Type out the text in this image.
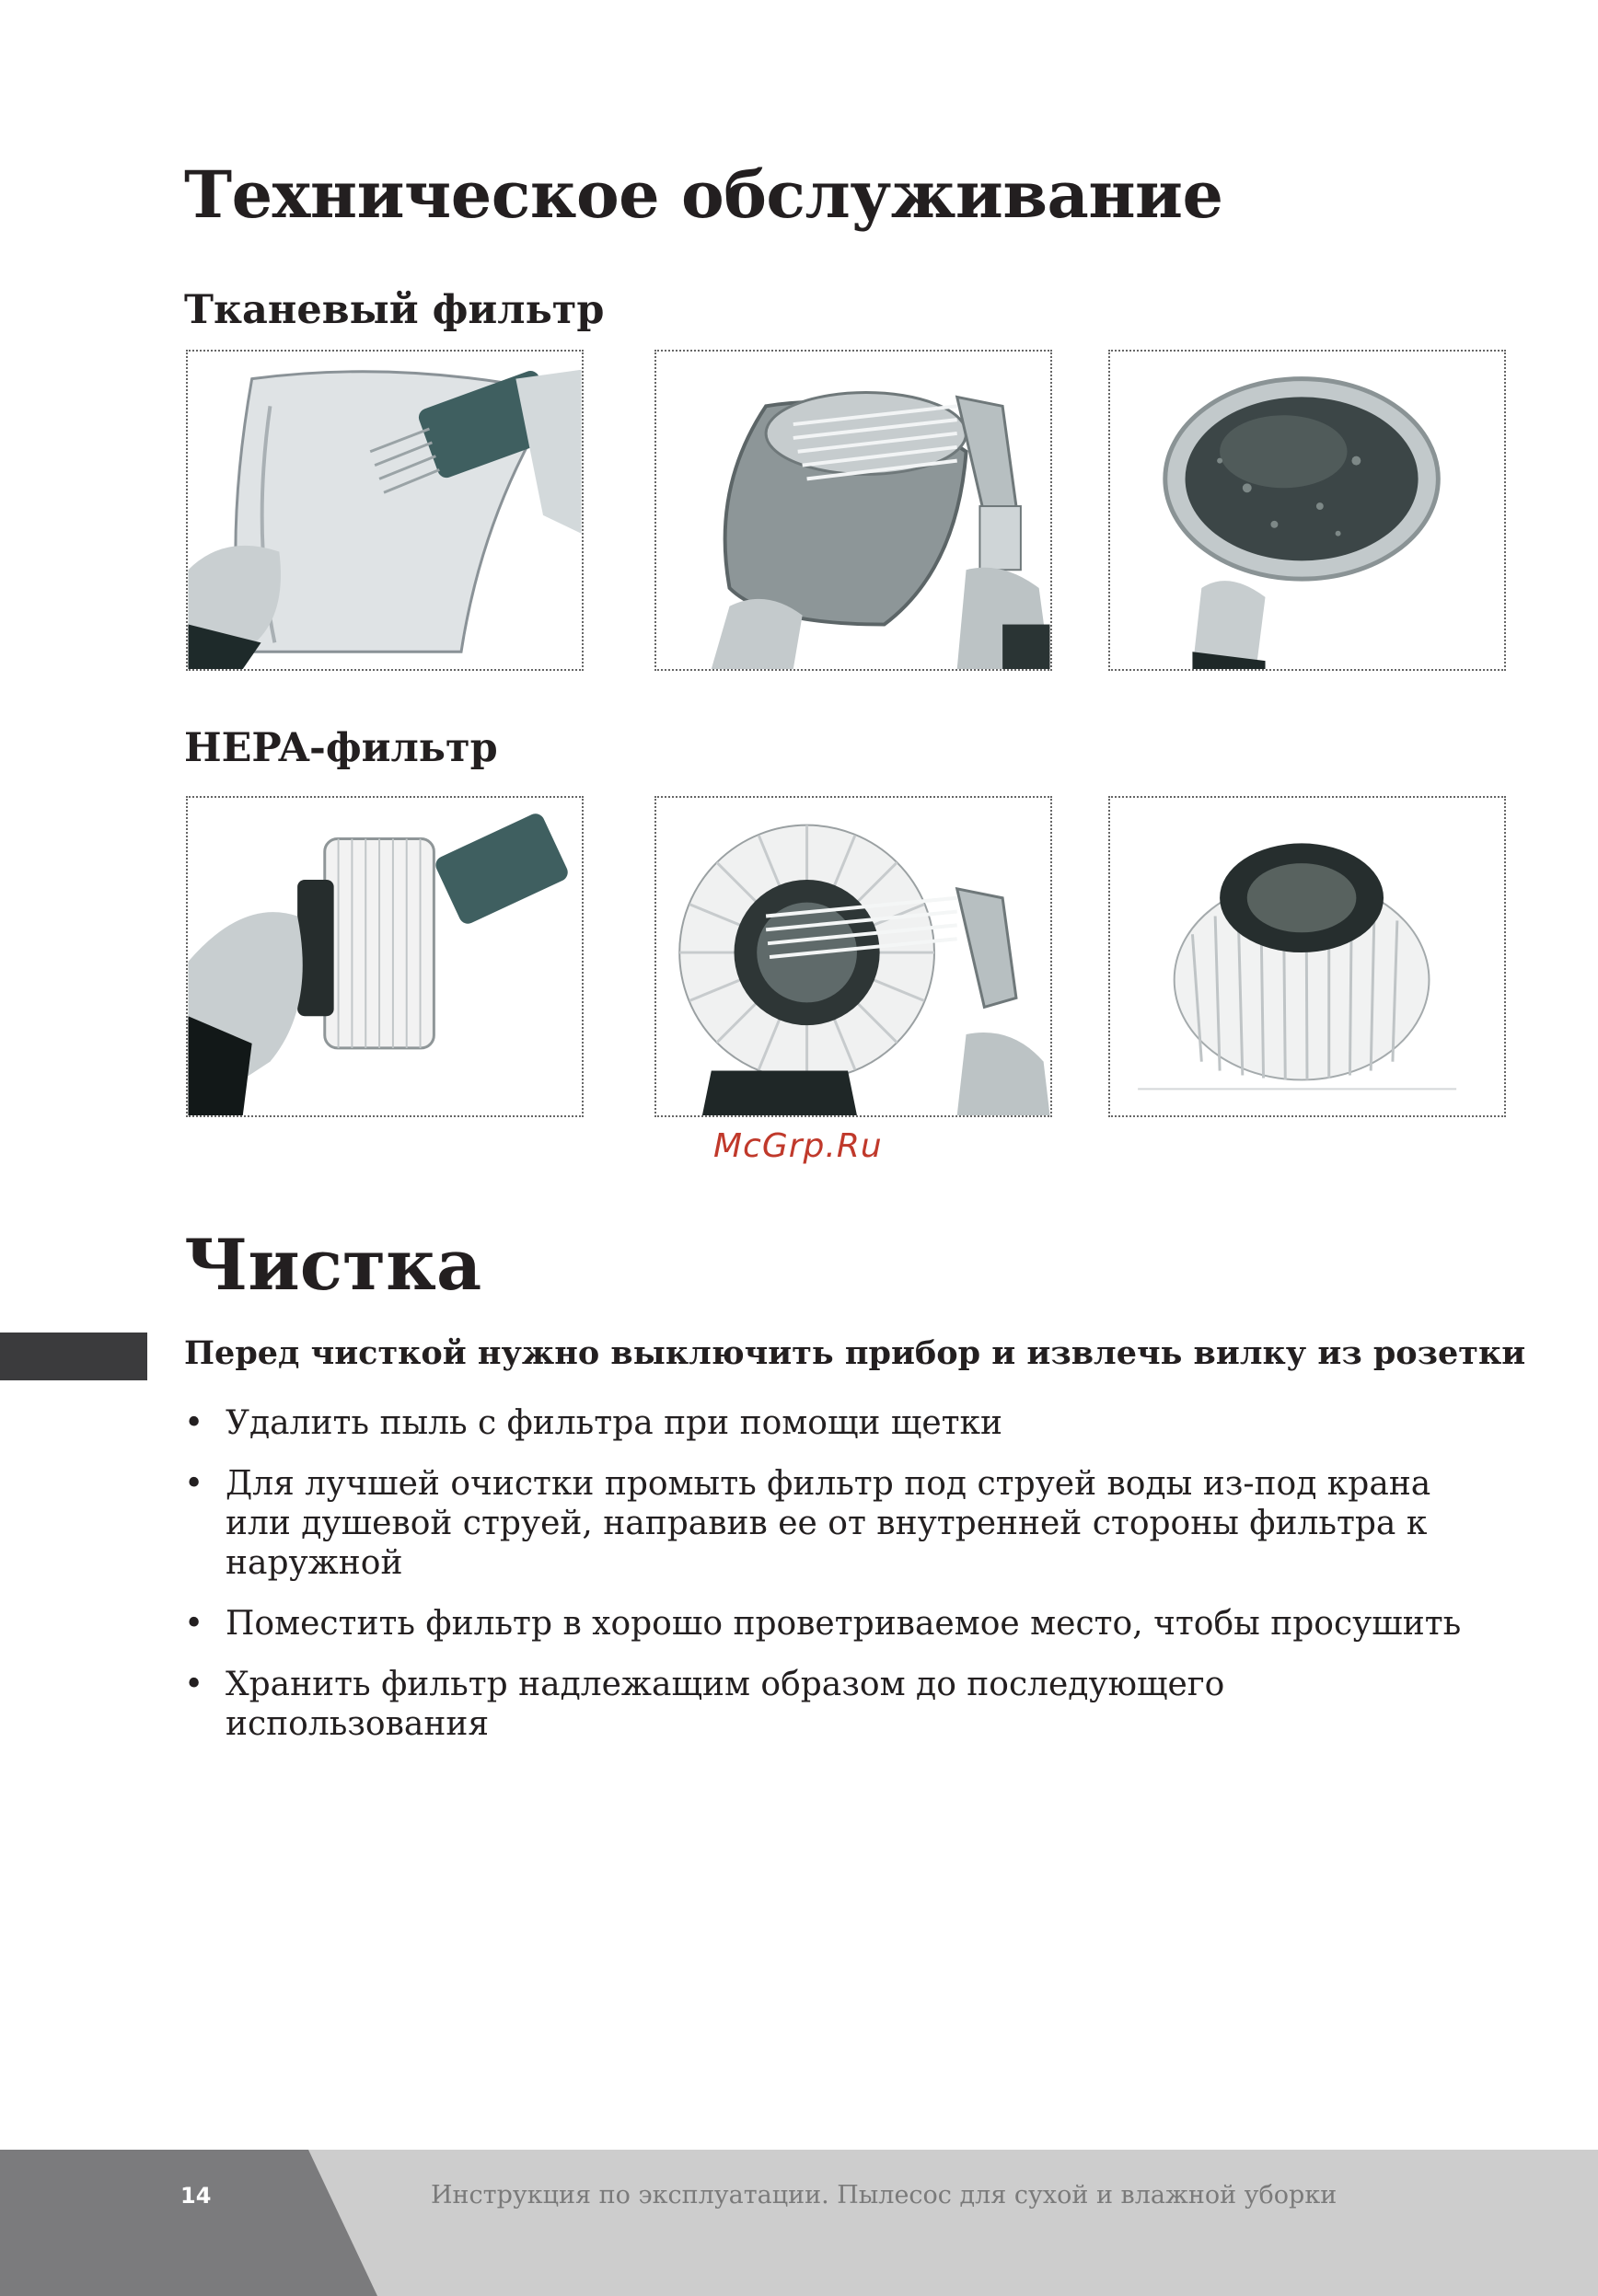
Техническое обслуживание
Тканевый фильтр
HEPA-фильтр
McGrp.Ru
Чистка

Перед чисткой нужно выключить прибор и извлечь вилку из розетки

• Удалить пыль с фильтра при помощи щетки
• Для лучшей очистки промыть фильтр под струей воды из-под крана или душевой струей, направив ее от внутренней стороны фильтра к наружной
• Поместить фильтр в хорошо проветриваемое место, чтобы просушить
• Хранить фильтр надлежащим образом до последующего использования
14	Инструкция по эксплуатации. Пылесос для сухой и влажной уборки
